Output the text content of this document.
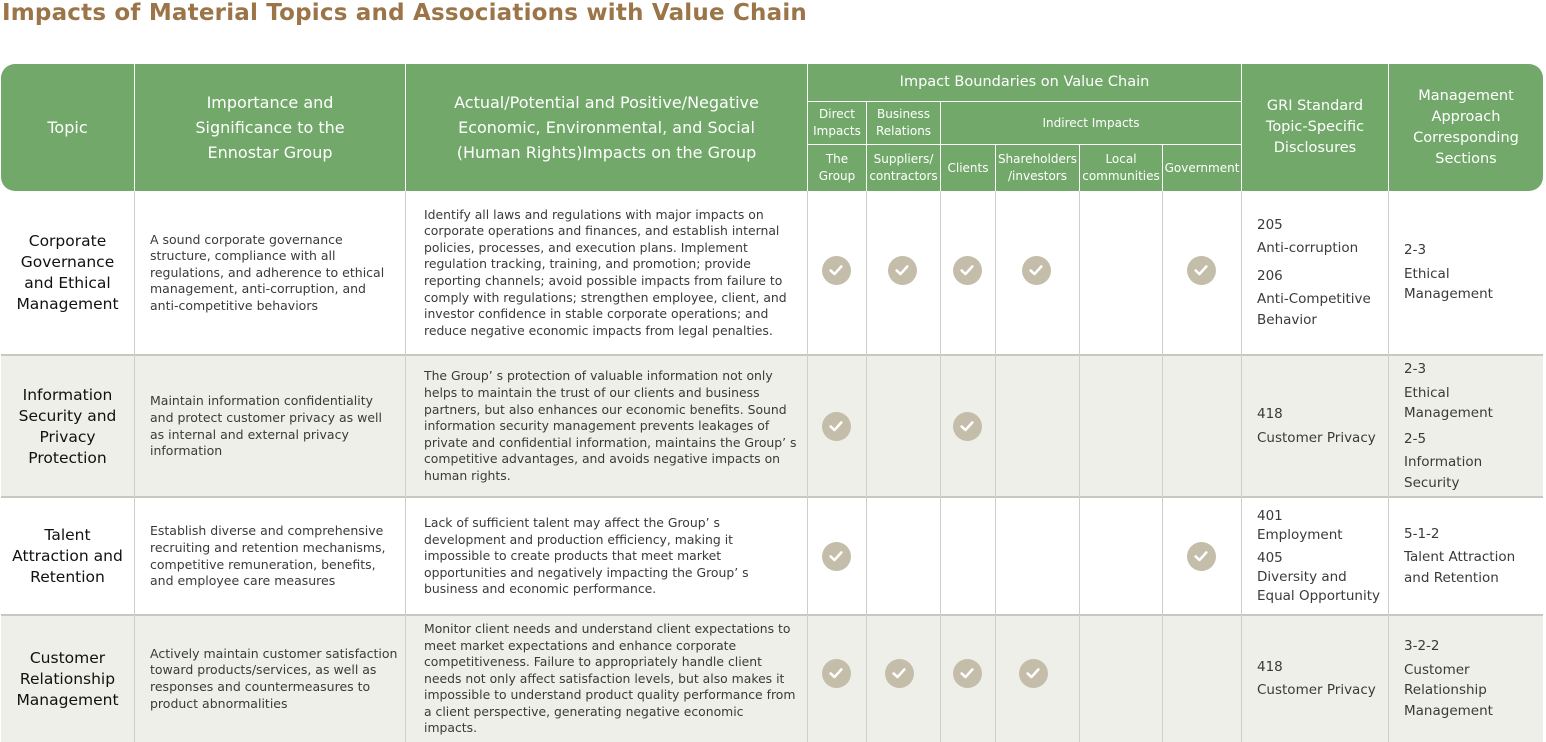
Impacts of Material Topics and Associations with Value Chain
Topic
Importance and Significance to the Ennostar Group
Actual/Potential and Positive/Negative Economic, Environmental, and Social (Human Rights)Impacts on the Group
Impact Boundaries on Value Chain
Direct Impacts
Business Relations
Indirect Impacts
The Group
Suppliers/ contractors
Clients
Shareholders /investors
Local communities
Government
GRI Standard Topic-Specific Disclosures
Management Approach Corresponding Sections
Corporate Governance and Ethical Management
A sound corporate governance structure, compliance with all regulations, and adherence to ethical management, anti-corruption, and anti-competitive behaviors
Identify all laws and regulations with major impacts on corporate operations and finances, and establish internal policies, processes, and execution plans. Implement regulation tracking, training, and promotion; provide reporting channels; avoid possible impacts from failure to comply with regulations; strengthen employee, client, and investor confidence in stable corporate operations; and reduce negative economic impacts from legal penalties.
205
Anti-corruption
206
Anti-Competitive Behavior
2-3
Ethical Management
Information Security and Privacy Protection
Maintain information confidentiality and protect customer privacy as well as internal and external privacy information
The Group’ s protection of valuable information not only helps to maintain the trust of our clients and business partners, but also enhances our economic benefits. Sound information security management prevents leakages of private and confidential information, maintains the Group’ s competitive advantages, and avoids negative impacts on human rights.
418
Customer Privacy
2-3
Ethical Management
2-5
Information Security
Talent Attraction and Retention
Establish diverse and comprehensive recruiting and retention mechanisms, competitive remuneration, benefits, and employee care measures
Lack of sufficient talent may affect the Group’ s development and production efficiency, making it impossible to create products that meet market opportunities and negatively impacting the Group’ s business and economic performance.
401
Employment
405
Diversity and Equal Opportunity
5-1-2
Talent Attraction and Retention
Customer Relationship Management
Actively maintain customer satisfaction toward products/services, as well as responses and countermeasures to product abnormalities
Monitor client needs and understand client expectations to meet market expectations and enhance corporate competitiveness. Failure to appropriately handle client needs not only affect satisfaction levels, but also makes it impossible to understand product quality performance from a client perspective, generating negative economic impacts.
418
Customer Privacy
3-2-2
Customer Relationship Management
